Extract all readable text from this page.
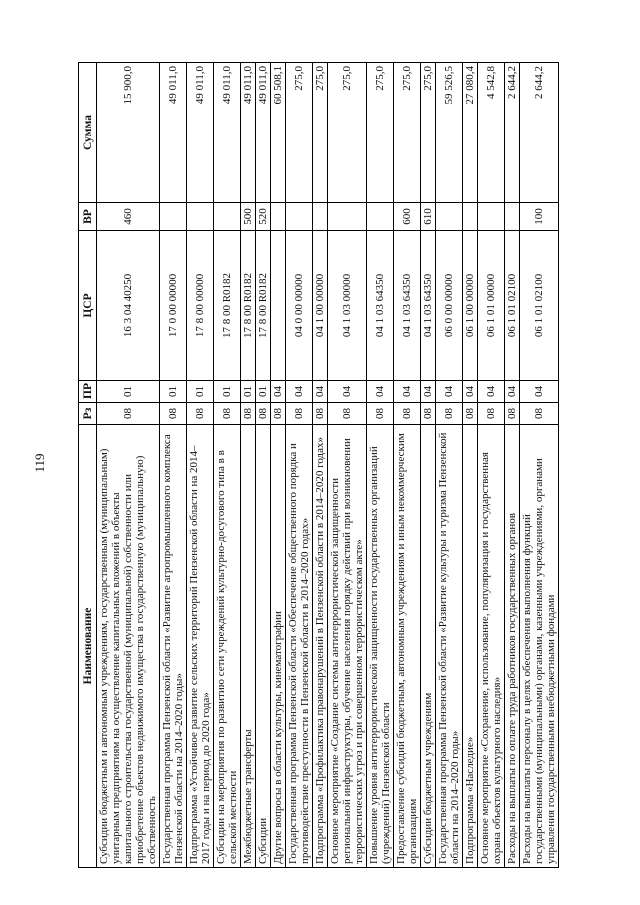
119
Наименование	Рз	ПР	ЦСР	ВР	Сумма
Субсидии бюджетным и автономным учреждениям, государственным (муниципальным) унитарным предприятиям на осуществление капитальных вложений в объекты капитального строительства государственной (муниципальной) собственности или приобретение объектов недвижимого имущества в государственную (муниципальную) собственность	08	01	16 3 04 40250	460	15 900,0
Государственная программа Пензенской области «Развитие агропромышленного комплекса Пензенской области на 2014–2020 годы»	08	01	17 0 00 00000		49 011,0
Подпрограмма «Устойчивое развитие сельских территорий Пензенской области на 2014–2017 годы и на период до 2020 года»	08	01	17 8 00 00000		49 011,0
Субсидии на мероприятия по развитию сети учреждений культурно-досугового типа в в сельской местности	08	01	17 8 00 R0182		49 011,0
Межбюджетные трансферты	08	01	17 8 00 R0182	500	49 011,0
Субсидии	08	01	17 8 00 R0182	520	49 011,0
Другие вопросы в области культуры, кинематографии	08	04			60 508,1
Государственная программа Пензенской области «Обеспечение общественного порядка и противодействие преступности в Пензенской области в 2014–2020 годах»	08	04	04 0 00 00000		275,0
Подпрограмма «Профилактика правонарушений в Пензенской области в 2014–2020 годах»	08	04	04 1 00 00000		275,0
Основное мероприятие «Создание системы антитеррористической защищенности региональной инфраструктуры, обучение населения порядку действий при возникновении террористических угроз и при совершенном террористическом акте»	08	04	04 1 03 00000		275,0
Повышение уровня антитеррористической защищенности государственных организаций (учреждений) Пензенской области	08	04	04 1 03 64350		275,0
Предоставление субсидий бюджетным, автономным учреждениям и иным некоммерческим организациям	08	04	04 1 03 64350	600	275,0
Субсидии бюджетным учреждениям	08	04	04 1 03 64350	610	275,0
Государственная программа Пензенской области «Развитие культуры и туризма Пензенской области на 2014–2020 годы»	08	04	06 0 00 00000		59 526,5
Подпрограмма «Наследие»	08	04	06 1 00 00000		27 080,4
Основное мероприятие «Сохранение, использование, популяризация и государственная охрана объектов культурного наследия»	08	04	06 1 01 00000		4 542,8
Расходы на выплаты по оплате труда работников государственных органов	08	04	06 1 01 02100		2 644,2
Расходы на выплаты персоналу в целях обеспечения выполнения функций государственными (муниципальными) органами, казенными учреждениями, органами управления государственными внебюджетными фондами	08	04	06 1 01 02100	100	2 644,2
